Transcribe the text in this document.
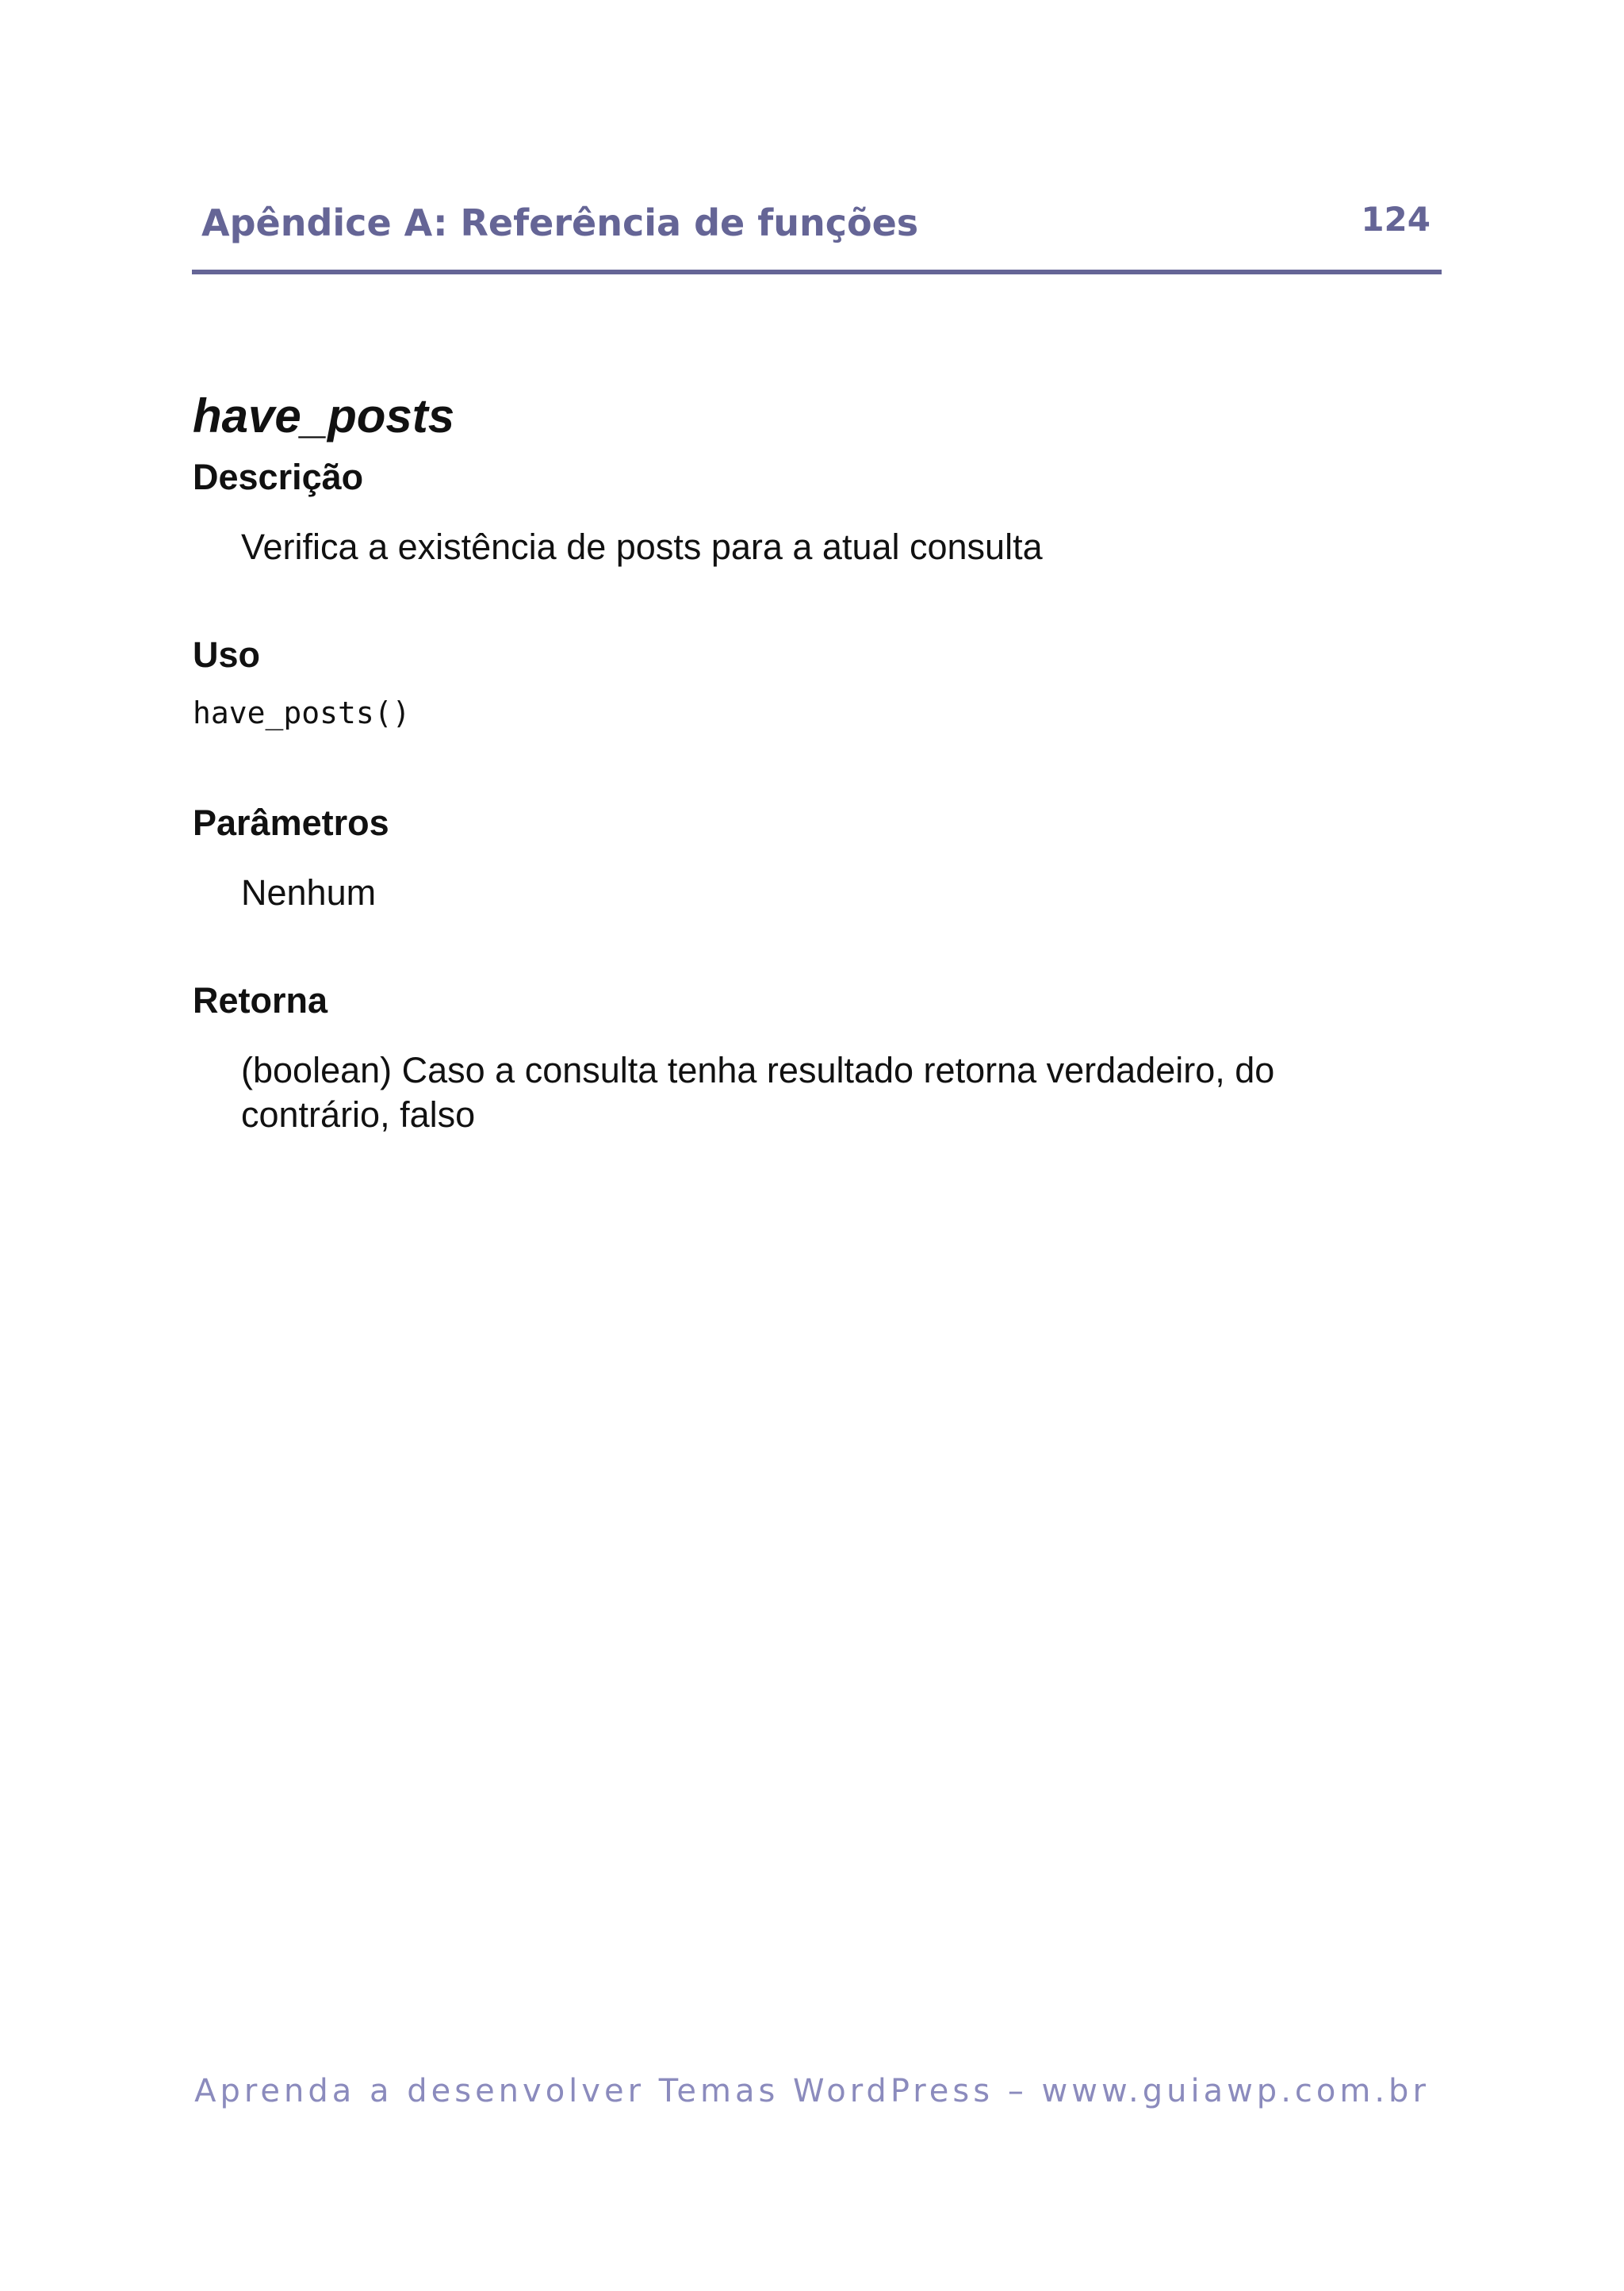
Apêndice A: Referência de funções	124
have_posts
Descrição

Verifica a existência de posts para a atual consulta

Uso

have_posts()

Parâmetros

Nenhum

Retorna
(boolean) Caso a consulta tenha resultado retorna verdadeiro, do
contrário, falso
Aprenda a desenvolver Temas WordPress – www.guiawp.com.br
